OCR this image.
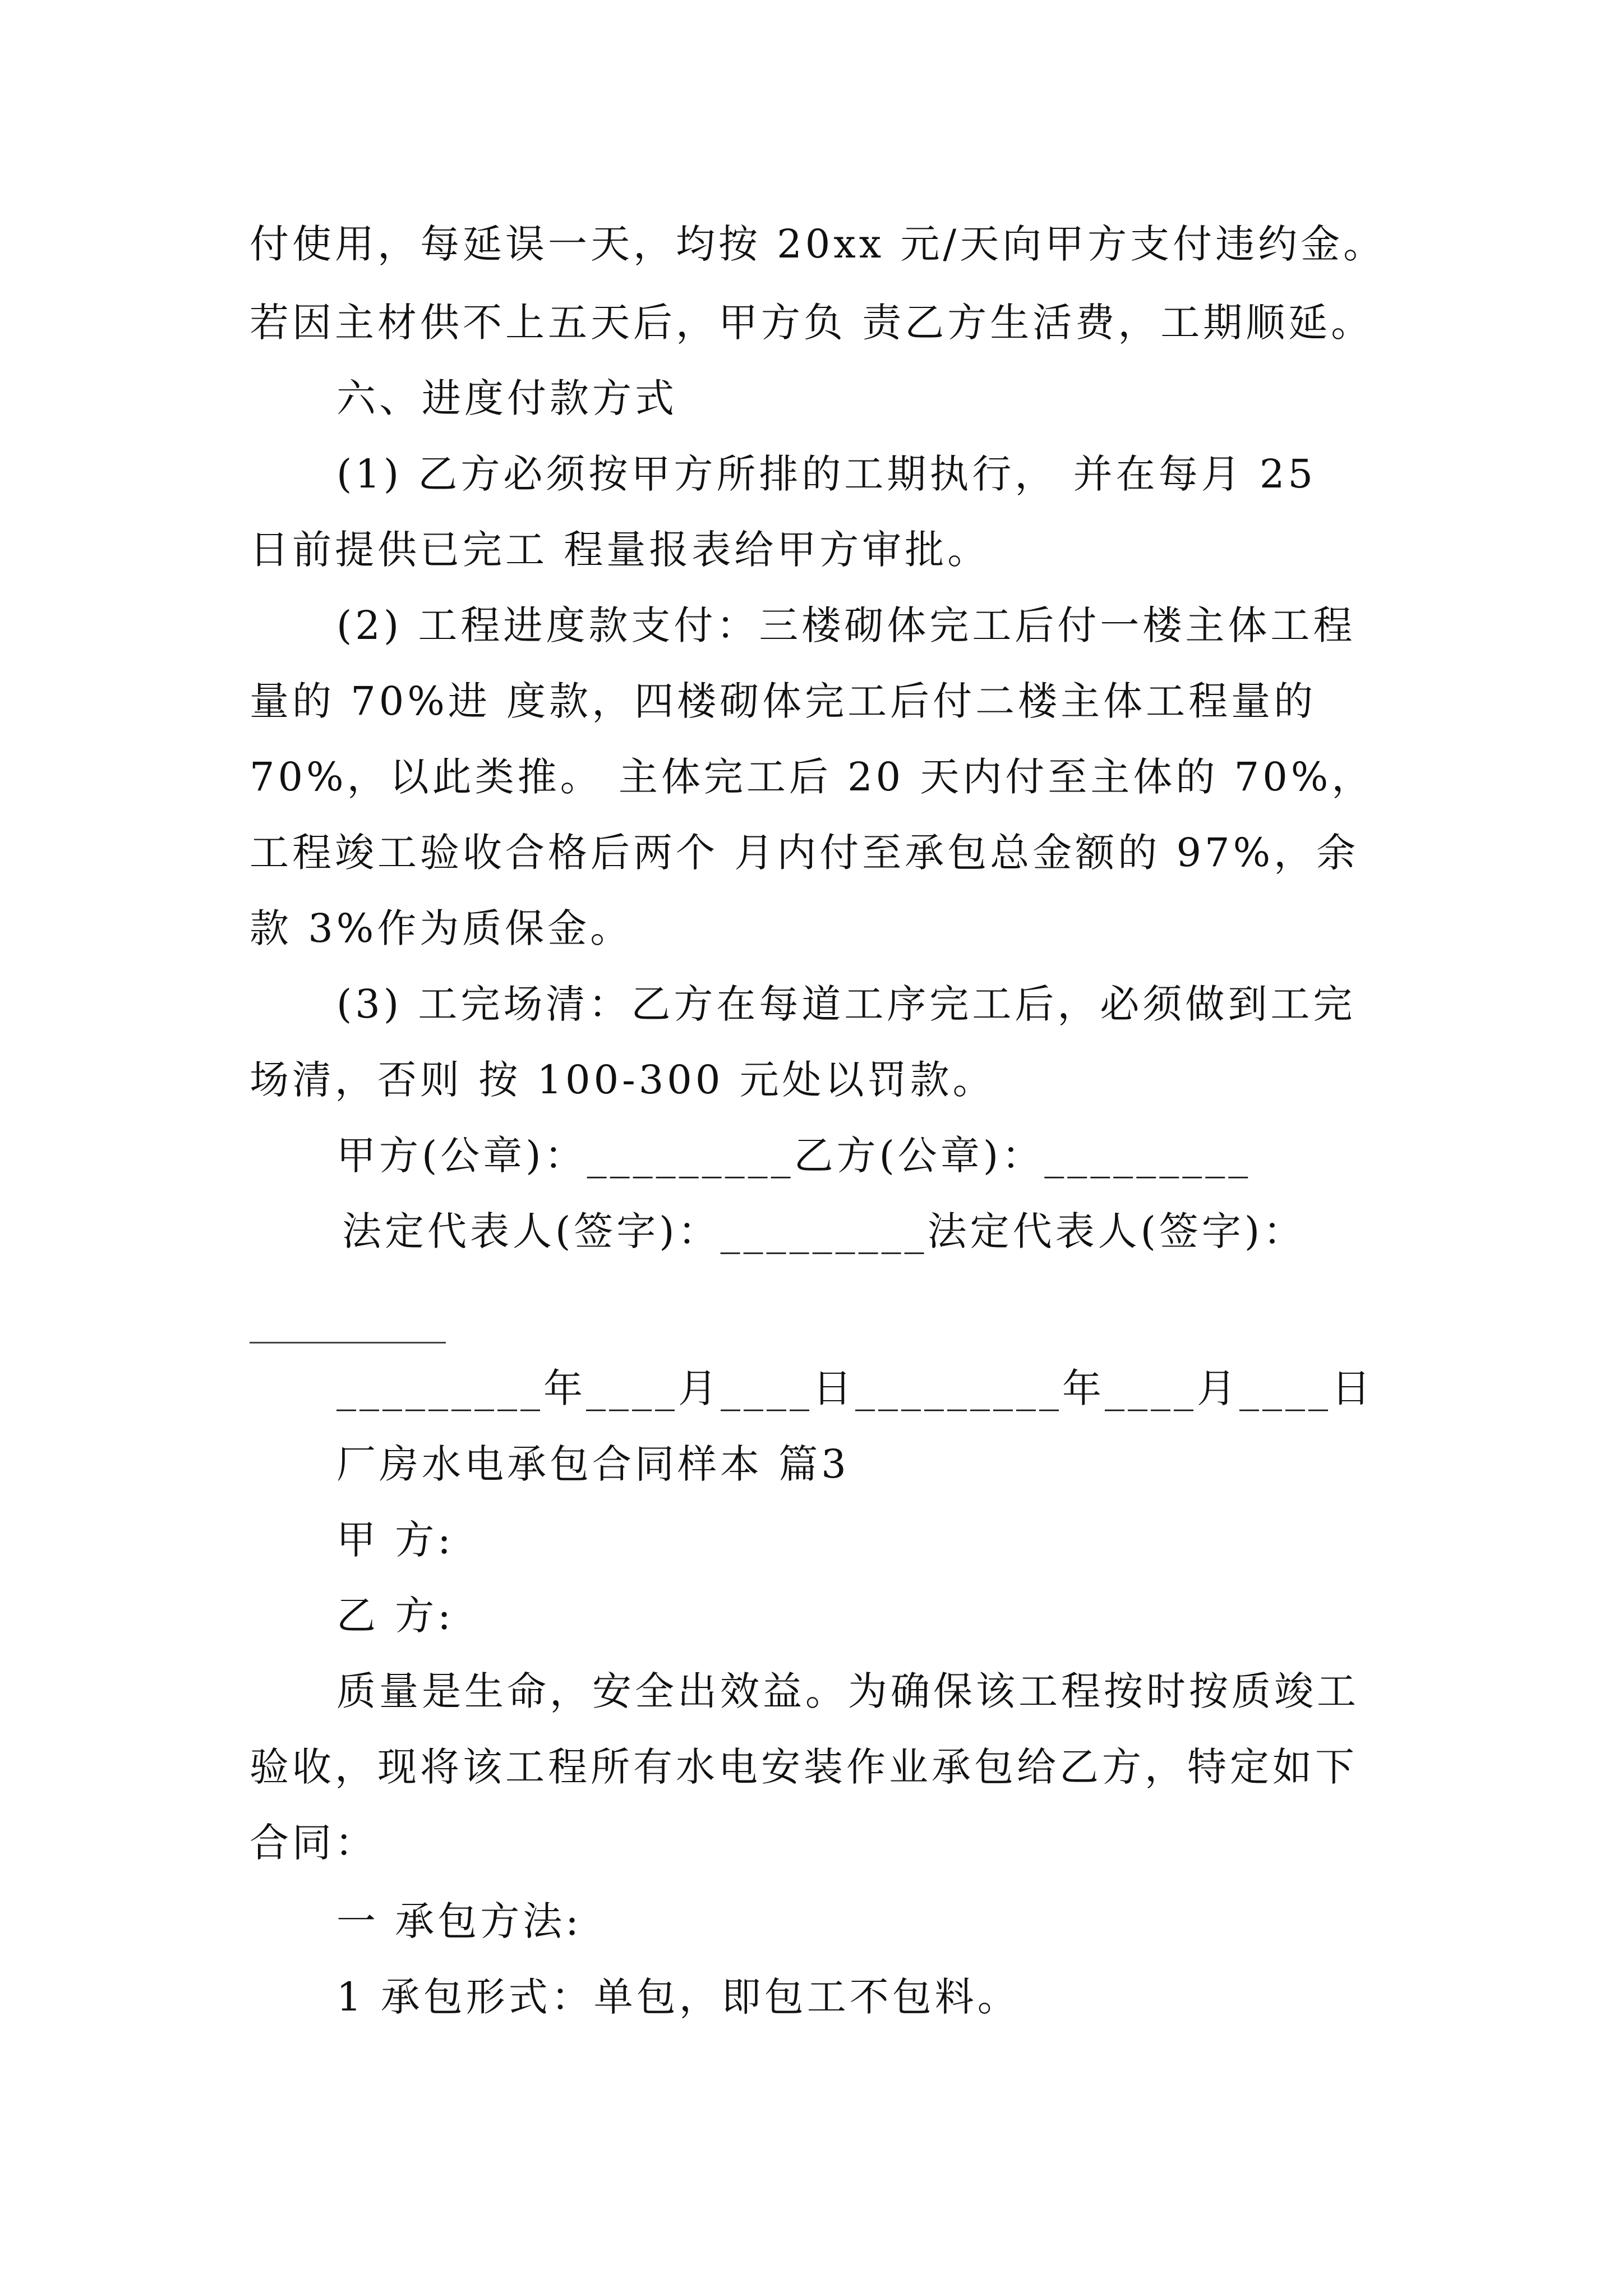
付使用，每延误一天，均按 20xx 元/天向甲方支付违约金。
若因主材供不上五天后，甲方负 责乙方生活费，工期顺延。
六、进度付款方式
(1) 乙方必须按甲方所排的工期执行， 并在每月 25
日前提供已完工 程量报表给甲方审批。
(2) 工程进度款支付：三楼砌体完工后付一楼主体工程
量的 70%进 度款，四楼砌体完工后付二楼主体工程量的
70%，以此类推。 主体完工后 20 天内付至主体的 70%，
工程竣工验收合格后两个 月内付至承包总金额的 97%，余
款 3%作为质保金。
(3) 工完场清：乙方在每道工序完工后，必须做到工完
场清，否则 按 100-300 元处以罚款。
甲方(公章)：_________乙方(公章)：_________
法定代表人(签字)：_________法定代表人(签字)：
_________年____月____日_________年____月____日
厂房水电承包合同样本 篇3
甲 方:
乙 方:
质量是生命，安全出效益。为确保该工程按时按质竣工
验收，现将该工程所有水电安装作业承包给乙方，特定如下
合同：
一 承包方法:
1 承包形式：单包，即包工不包料。
